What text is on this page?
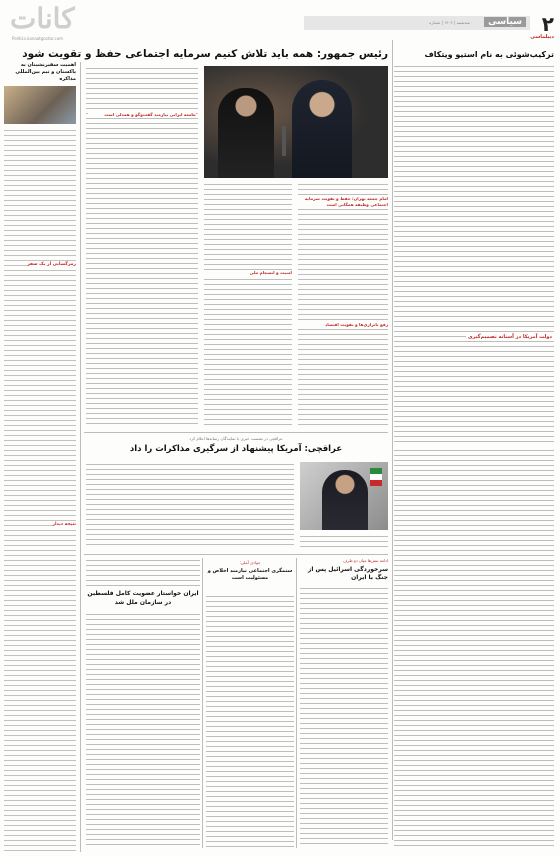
۲
سیاسی
سه‌شنبه | ۱۴۰۴ | شماره
کانات
Politics.kanaatgostar.com	دیپلماسی
ترکیب‌شوئی به نام استیو ویتکاف
دولت آمریکا در آستانه تصمیم‌گیری
اهمیت سفیرنشینان به پاکستان و تیم بین‌المللی مذاکره
رمزگشایی از یک سفر
نتیجه دیدار
رئیس جمهور: همه باید تلاش کنیم سرمایه اجتماعی حفظ و تقویت شود
جامعه ایرانی نیازمند گفت‌وگو و همدلی است
امام جمعه تهران: حفظ و تقویت سرمایه اجتماعی وظیفه همگانی است
رفع ناترازی‌ها و تقویت اقتصاد
امنیت و انسجام ملی
عراقچی در نشست خبری با نمایندگان رسانه‌ها اعلام کرد
عراقچی: آمریکا پیشنهاد از سرگیری مذاکرات را داد
ادامه تنش‌ها میان دو طرف
سرخوردگی اسرائیل پس از جنگ با ایران
جوادی آملی:
ستمگری اجتماعی نیازمند اخلاص و مسئولیت است
ایران خواستار عضویت کامل فلسطین در سازمان ملل شد
